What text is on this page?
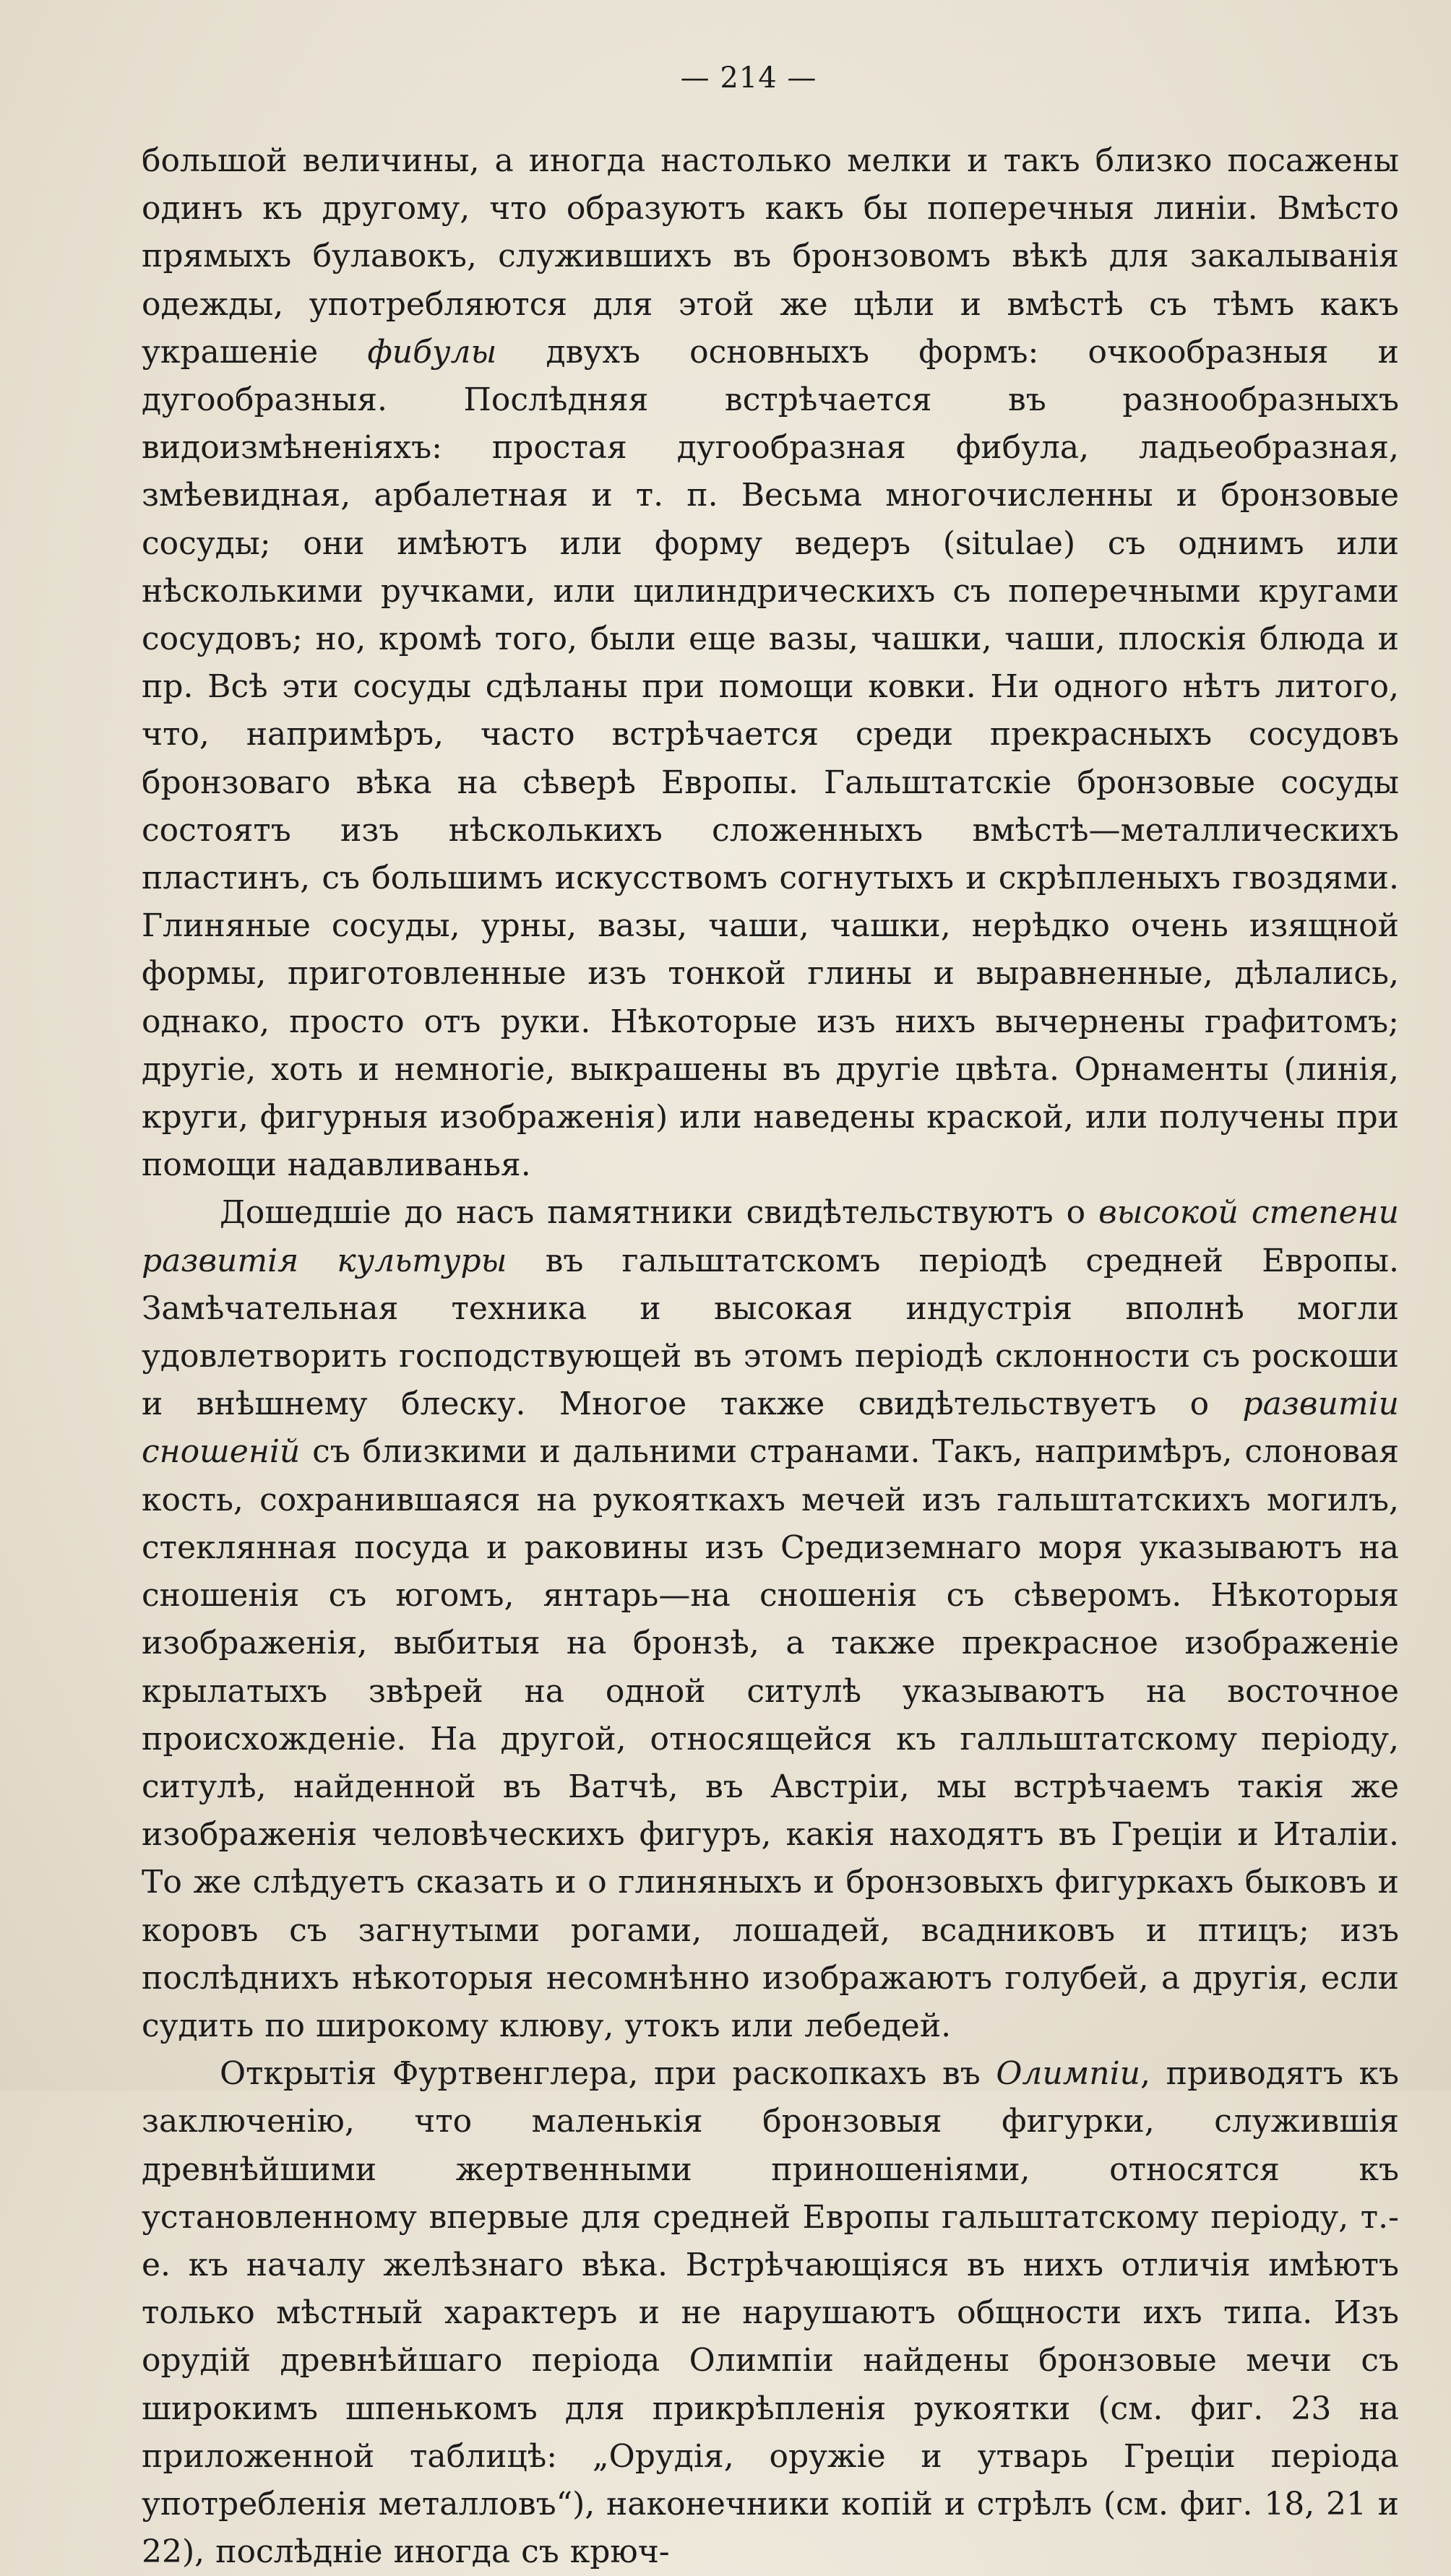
— 214 —

большой величины, а иногда настолько мелки и такъ близко посажены одинъ къ другому, что образуютъ какъ бы поперечныя линіи. Вмѣсто прямыхъ булавокъ, служившихъ въ бронзовомъ вѣкѣ для закалыванія одежды, употребляются для этой же цѣли и вмѣстѣ съ тѣмъ какъ украшеніе фибулы двухъ основныхъ формъ: очкообразныя и дугообразныя. Послѣдняя встрѣчается въ разнообразныхъ видоизмѣненіяхъ: простая дугообразная фибула, ладьеобразная, змѣевидная, арбалетная и т. п. Весьма многочисленны и бронзовые сосуды; они имѣютъ или форму ведеръ (situlae) съ однимъ или нѣсколькими ручками, или цилиндрическихъ съ поперечными кругами сосудовъ; но, кромѣ того, были еще вазы, чашки, чаши, плоскія блюда и пр. Всѣ эти сосуды сдѣланы при помощи ковки. Ни одного нѣтъ литого, что, напримѣръ, часто встрѣчается среди прекрасныхъ сосудовъ бронзоваго вѣка на сѣверѣ Европы. Гальштатскіе бронзовые сосуды состоятъ изъ нѣсколькихъ сложенныхъ вмѣстѣ—металлическихъ пластинъ, съ большимъ искусствомъ согнутыхъ и скрѣпленыхъ гвоздями. Глиняные сосуды, урны, вазы, чаши, чашки, нерѣдко очень изящной формы, приготовленные изъ тонкой глины и выравненные, дѣлались, однако, просто отъ руки. Нѣкоторые изъ нихъ вычернены графитомъ; другіе, хоть и немногіе, выкрашены въ другіе цвѣта. Орнаменты (линія, круги, фигурныя изображенія) или наведены краской, или получены при помощи надавливанья.

Дошедшіе до насъ памятники свидѣтельствуютъ о высокой степени развитія культуры въ гальштатскомъ періодѣ средней Европы. Замѣчательная техника и высокая индустрія вполнѣ могли удовлетворить господствующей въ этомъ періодѣ склонности съ роскоши и внѣшнему блеску. Многое также свидѣтельствуетъ о развитіи сношеній съ близкими и дальними странами. Такъ, напримѣръ, слоновая кость, сохранившаяся на рукояткахъ мечей изъ гальштатскихъ могилъ, стеклянная посуда и раковины изъ Средиземнаго моря указываютъ на сношенія съ югомъ, янтарь—на сношенія съ сѣверомъ. Нѣкоторыя изображенія, выбитыя на бронзѣ, а также прекрасное изображеніе крылатыхъ звѣрей на одной ситулѣ указываютъ на восточное происхожденіе. На другой, относящейся къ галльштатскому періоду, ситулѣ, найденной въ Ватчѣ, въ Австріи, мы встрѣчаемъ такія же изображенія человѣческихъ фигуръ, какія находятъ въ Греціи и Италіи. То же слѣдуетъ сказать и о глиняныхъ и бронзовыхъ фигуркахъ быковъ и коровъ съ загнутыми рогами, лошадей, всадниковъ и птицъ; изъ послѣднихъ нѣкоторыя несомнѣнно изображаютъ голубей, а другія, если судить по широкому клюву, утокъ или лебедей.

Открытія Фуртвенглера, при раскопкахъ въ Олимпіи, приводятъ къ заключенію, что маленькія бронзовыя фигурки, служившія древнѣйшими жертвенными приношеніями, относятся къ установленному впервые для средней Европы гальштатскому періоду, т.-е. къ началу желѣзнаго вѣка. Встрѣчающіяся въ нихъ отличія имѣютъ только мѣстный характеръ и не нарушаютъ общности ихъ типа. Изъ орудій древнѣйшаго періода Олимпіи найдены бронзовые мечи съ широкимъ шпенькомъ для прикрѣпленія рукоятки (см. фиг. 23 на приложенной таблицѣ: „Орудія, оружіе и утварь Греціи періода употребленія металловъ“), наконечники копій и стрѣлъ (см. фиг. 18, 21 и 22), послѣдніе иногда съ крюч-
